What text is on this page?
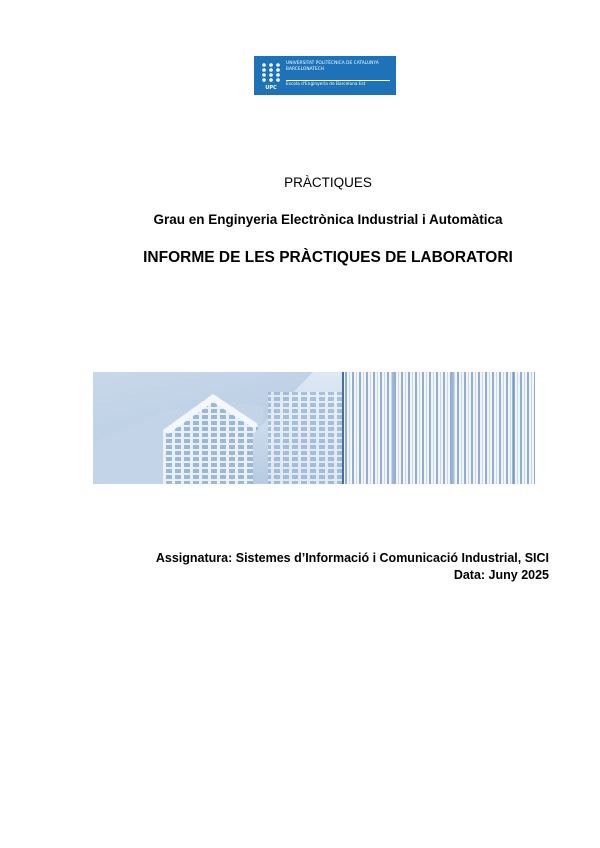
UPC
UNIVERSITAT POLITÈCNICA DE CATALUNYA
BARCELONATECH
Escola d'Enginyeria de Barcelona Est
PRÀCTIQUES
Grau en Enginyeria Electrònica Industrial i Automàtica
INFORME DE LES PRÀCTIQUES DE LABORATORI
Assignatura: Sistemes d’Informació i Comunicació Industrial, SICI
Data: Juny 2025
